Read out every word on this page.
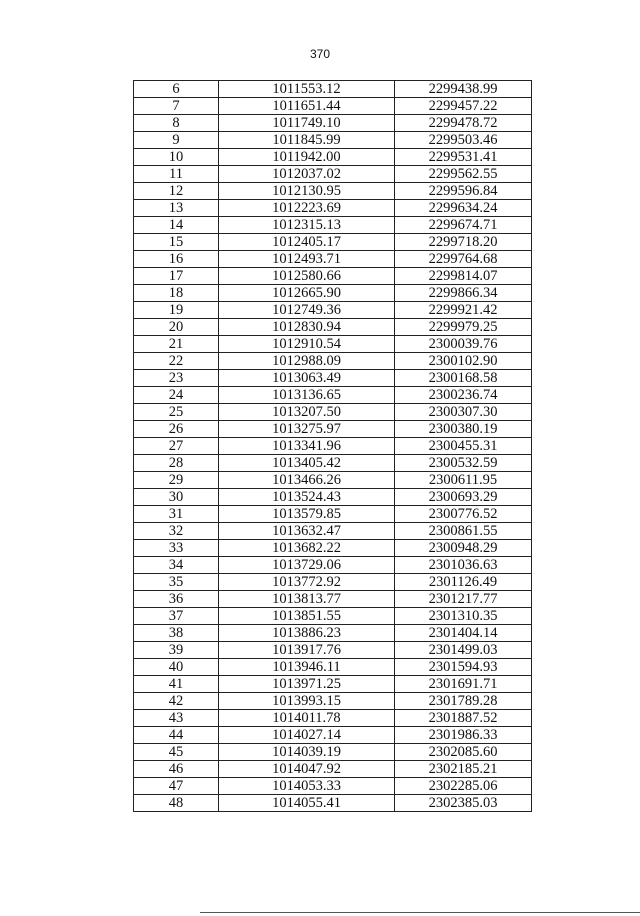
370
6	1011553.12	2299438.99
7	1011651.44	2299457.22
8	1011749.10	2299478.72
9	1011845.99	2299503.46
10	1011942.00	2299531.41
11	1012037.02	2299562.55
12	1012130.95	2299596.84
13	1012223.69	2299634.24
14	1012315.13	2299674.71
15	1012405.17	2299718.20
16	1012493.71	2299764.68
17	1012580.66	2299814.07
18	1012665.90	2299866.34
19	1012749.36	2299921.42
20	1012830.94	2299979.25
21	1012910.54	2300039.76
22	1012988.09	2300102.90
23	1013063.49	2300168.58
24	1013136.65	2300236.74
25	1013207.50	2300307.30
26	1013275.97	2300380.19
27	1013341.96	2300455.31
28	1013405.42	2300532.59
29	1013466.26	2300611.95
30	1013524.43	2300693.29
31	1013579.85	2300776.52
32	1013632.47	2300861.55
33	1013682.22	2300948.29
34	1013729.06	2301036.63
35	1013772.92	2301126.49
36	1013813.77	2301217.77
37	1013851.55	2301310.35
38	1013886.23	2301404.14
39	1013917.76	2301499.03
40	1013946.11	2301594.93
41	1013971.25	2301691.71
42	1013993.15	2301789.28
43	1014011.78	2301887.52
44	1014027.14	2301986.33
45	1014039.19	2302085.60
46	1014047.92	2302185.21
47	1014053.33	2302285.06
48	1014055.41	2302385.03
